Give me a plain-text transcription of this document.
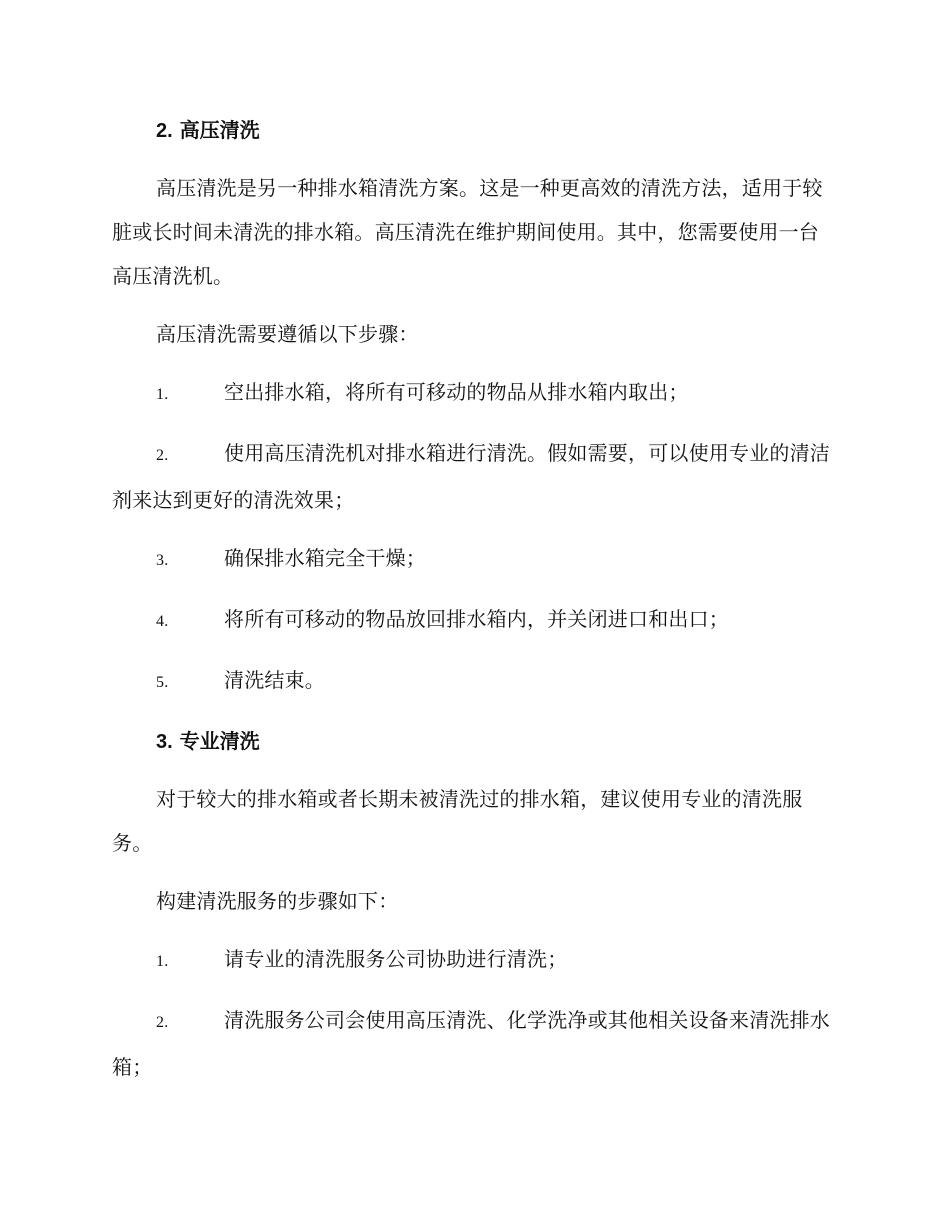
2. 高压清洗

高压清洗是另一种排水箱清洗方案。这是一种更高效的清洗方法，适用于较脏或长时间未清洗的排水箱。高压清洗在维护期间使用。其中，您需要使用一台高压清洗机。

高压清洗需要遵循以下步骤：

1.	空出排水箱，将所有可移动的物品从排水箱内取出；

2.	使用高压清洗机对排水箱进行清洗。假如需要，可以使用专业的清洁剂来达到更好的清洗效果；

3.	确保排水箱完全干燥；

4.	将所有可移动的物品放回排水箱内，并关闭进口和出口；

5.	清洗结束。

3. 专业清洗

对于较大的排水箱或者长期未被清洗过的排水箱，建议使用专业的清洗服务。

构建清洗服务的步骤如下：

1.	请专业的清洗服务公司协助进行清洗；

2.	清洗服务公司会使用高压清洗、化学洗净或其他相关设备来清洗排水箱；
